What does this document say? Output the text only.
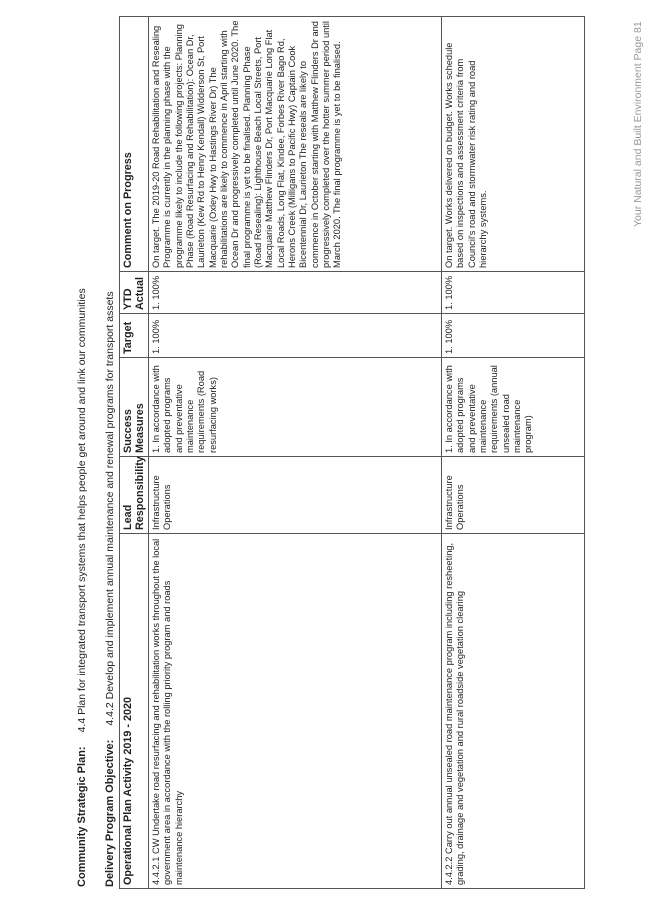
Community Strategic Plan:4.4 Plan for integrated transport systems that helps people get around and link our communities
Delivery Program Objective:4.4.2 Develop and implement annual maintenance and renewal programs for transport assets
Operational Plan Activity 2019 - 2020	Lead Responsibility	Success Measures	Target	YTD Actual	Comment on Progress
4.4.2.1 CW Undertake road resurfacing and rehabilitation works throughout the local government area in accordance with the rolling priority program and roads maintenance hierarchy	Infrastructure Operations	1. In accordance with adopted programs and preventative maintenance requirements (Road resurfacing works)	1. 100%	1. 100%	On target. The 2019-20 Road Rehabilitation and Resealing Programme is currently in the planning phase with the programme likely to include the following projects: Planning Phase (Road Resurfacing and Rehabilitation): Ocean Dr, Laurieton (Kew Rd to Henry Kendall) Widderson St, Port Macquarie (Oxley Hwy to Hastings River Dr) The rehabilitations are likely to commence in April starting with Ocean Dr and progressively completed until June 2020. The final programme is yet to be finalised. Planning Phase (Road Resealing): Lighthouse Beach Local Streets, Port Macquarie Matthew Flinders Dr, Port Macquarie Long Flat Local Roads, Long Flat, Kindee, Forbes River Bago Rd, Herons Creek (Milligans to Pacific Hwy) Captain Cook Bicentennial Dr, Laurieton The reseals are likely to commence in October starting with Matthew Flinders Dr and progressively completed over the hotter summer period until March 2020. The final programme is yet to be finalised.
4.4.2.2 Carry out annual unsealed road maintenance program including resheeting, grading, drainage and vegetation and rural roadside vegetation clearing	Infrastructure Operations	1. In accordance with adopted programs and preventative maintenance requirements (annual unsealed road maintenance program)	1. 100%	1. 100%	On target. Works delivered on budget. Works schedule based on inspections and assessment criteria from Council's road and stormwater risk rating and road hierarchy systems.
Your Natural and Built Environment Page 81
